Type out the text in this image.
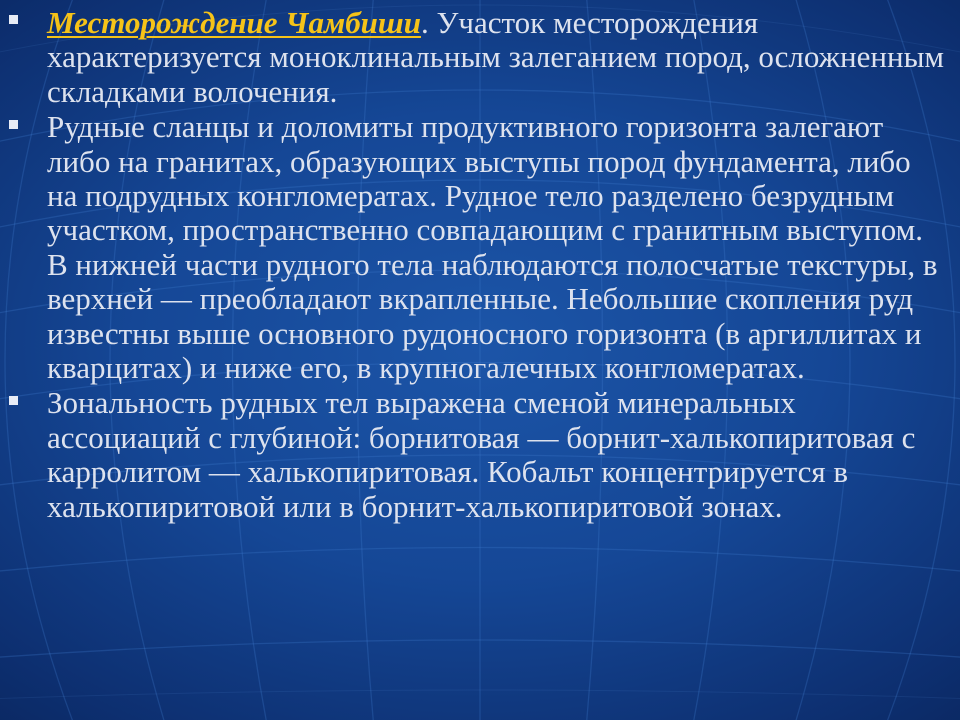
Месторождение Чамбиши. Участок месторождения характеризуется моноклинальным залеганием пород, осложненным складками волочения.
Рудные сланцы и доломиты продуктивного горизонта залегают либо на гранитах, образующих выступы пород фундамента, либо на подрудных конгломератах. Рудное тело разделено безрудным участком, пространственно совпадающим с гранитным выступом. В нижней части рудного тела наблюдаются полосчатые текстуры, в верхней — преобладают вкрапленные. Небольшие скопления руд известны выше основного рудоносного горизонта (в аргиллитах и кварцитах) и ниже его, в крупногалечных конгломератах.
Зональность рудных тел выражена сменой минеральных ассоциаций с глубиной: борнитовая — борнит-халькопиритовая с карролитом — халькопиритовая. Кобальт концентрируется в халькопиритовой или в борнит-халькопиритовой зонах.
